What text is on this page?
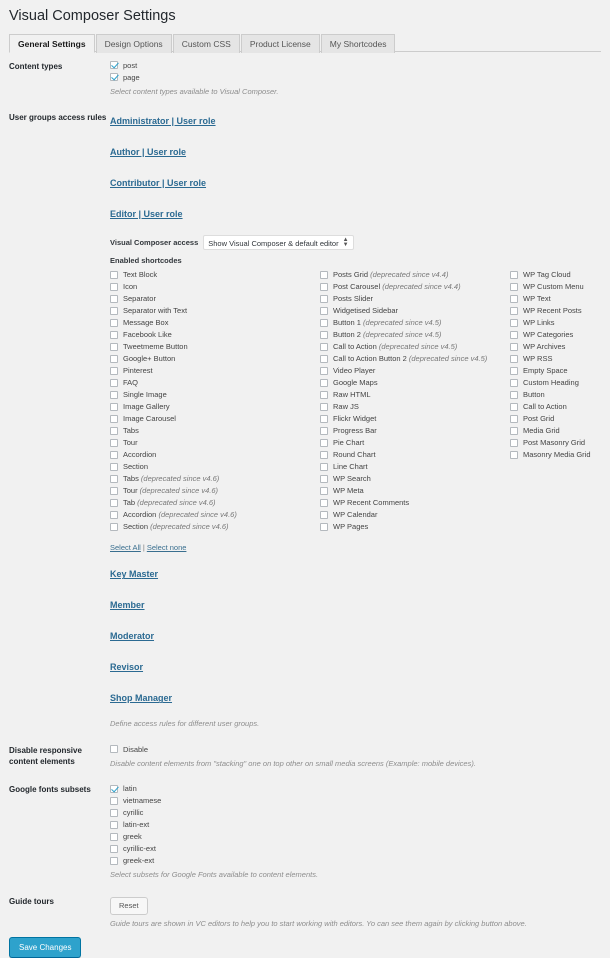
Visual Composer Settings
General Settings	Design Options	Custom CSS	Product License	My Shortcodes
Content types	post
page

Select content types available to Visual Composer.

User groups access rules Administrator | User role
Author | User role
Contributor | User role
Editor | User role
Visual Composer access	Show Visual Composer & default editor ▲
▼
Enabled shortcodes
Text Block
Icon
Separator
Separator with Text
Message Box
Facebook Like
Tweetmeme Button
Google+ Button
Pinterest
FAQ
Single Image
Image Gallery
Image Carousel
Tabs
Tour
Accordion
Section
Tabs (deprecated since v4.6)
Tour (deprecated since v4.6)
Tab (deprecated since v4.6)
Accordion (deprecated since v4.6)
Section (deprecated since v4.6)
Posts Grid (deprecated since v4.4)
Post Carousel (deprecated since v4.4)
Posts Slider
Widgetised Sidebar
Button 1 (deprecated since v4.5)
Button 2 (deprecated since v4.5)
Call to Action (deprecated since v4.5)
Call to Action Button 2 (deprecated since v4.5)
Video Player
Google Maps
Raw HTML
Raw JS
Flickr Widget
Progress Bar
Pie Chart
Round Chart
Line Chart
WP Search
WP Meta
WP Recent Comments
WP Calendar
WP Pages
WP Tag Cloud
WP Custom Menu
WP Text
WP Recent Posts
WP Links
WP Categories
WP Archives
WP RSS
Empty Space
Custom Heading
Button
Call to Action
Post Grid
Media Grid
Post Masonry Grid
Masonry Media Grid
Select All | Select none
Key Master
Member
Moderator
Revisor
Shop Manager

Define access rules for different user groups.

Disable responsive content elements
Disable

Disable content elements from "stacking" one on top other on small media screens (Example: mobile devices).

Google fonts subsets	latin
vietnamese
cyrillic
latin-ext
greek
cyrillic-ext
greek-ext

Select subsets for Google Fonts available to content elements.

Guide tours	Reset

Guide tours are shown in VC editors to help you to start working with editors. Yo can see them again by clicking button above.

Save Changes
